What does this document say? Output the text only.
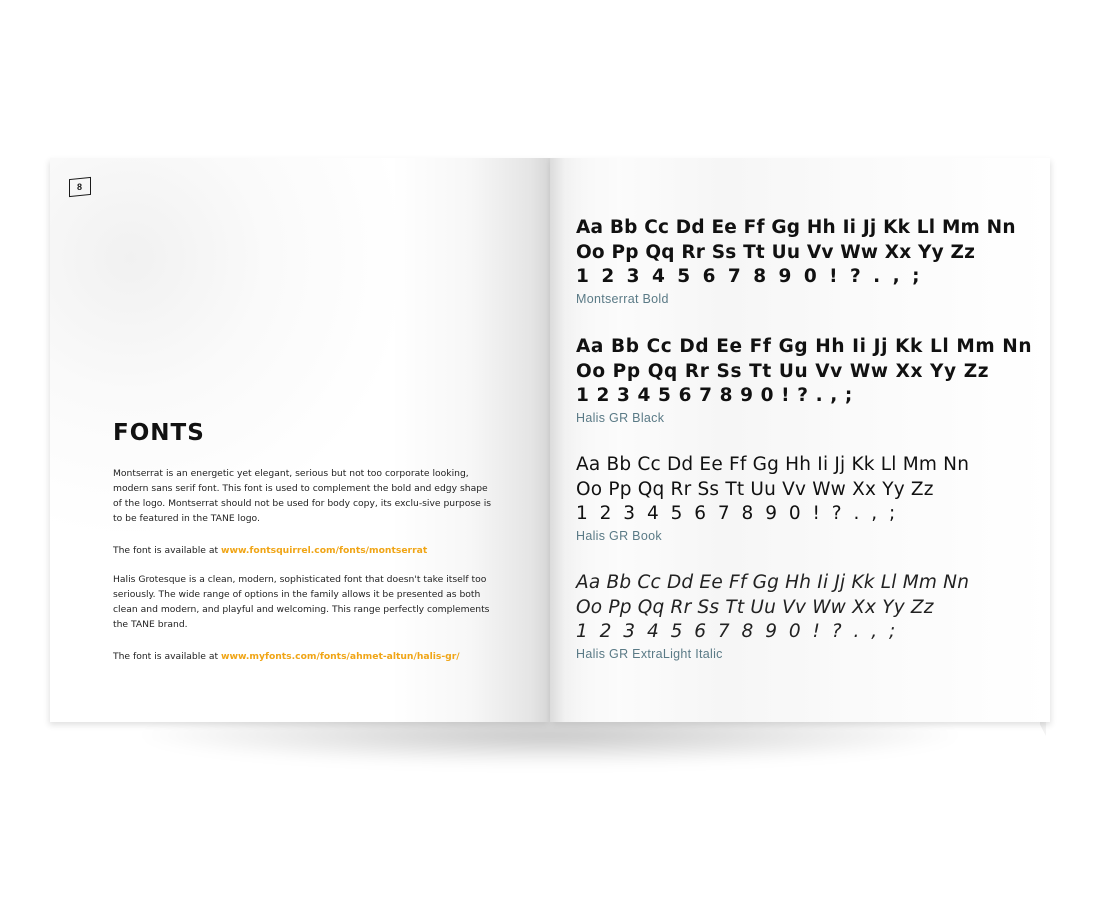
8
FONTS

Montserrat is an energetic yet elegant, serious but not too corporate looking, modern sans serif font. This font is used to complement the bold and edgy shape of the logo. Montserrat should not be used for body copy, its exclu-sive purpose is to be featured in the TANE logo.

The font is available at www.fontsquirrel.com/fonts/montserrat

Halis Grotesque is a clean, modern, sophisticated font that doesn't take itself too seriously. The wide range of options in the family allows it be presented as both clean and modern, and playful and welcoming. This range perfectly complements the TANE brand.

The font is available at www.myfonts.com/fonts/ahmet-altun/halis-gr/

Aa Bb Cc Dd Ee Ff Gg Hh Ii Jj Kk Ll Mm Nn
Oo Pp Qq Rr Ss Tt Uu Vv Ww Xx Yy Zz
1 2 3 4 5 6 7 8 9 0 ! ? . , ;
Montserrat Bold
Aa Bb Cc Dd Ee Ff Gg Hh Ii Jj Kk Ll Mm Nn
Oo Pp Qq Rr Ss Tt Uu Vv Ww Xx Yy Zz
1 2 3 4 5 6 7 8 9 0 ! ? . , ;
Halis GR Black
Aa Bb Cc Dd Ee Ff Gg Hh Ii Jj Kk Ll Mm Nn
Oo Pp Qq Rr Ss Tt Uu Vv Ww Xx Yy Zz
1 2 3 4 5 6 7 8 9 0 ! ? . , ;
Halis GR Book
Aa Bb Cc Dd Ee Ff Gg Hh Ii Jj Kk Ll Mm Nn
Oo Pp Qq Rr Ss Tt Uu Vv Ww Xx Yy Zz
1 2 3 4 5 6 7 8 9 0 ! ? . , ;
Halis GR ExtraLight Italic
